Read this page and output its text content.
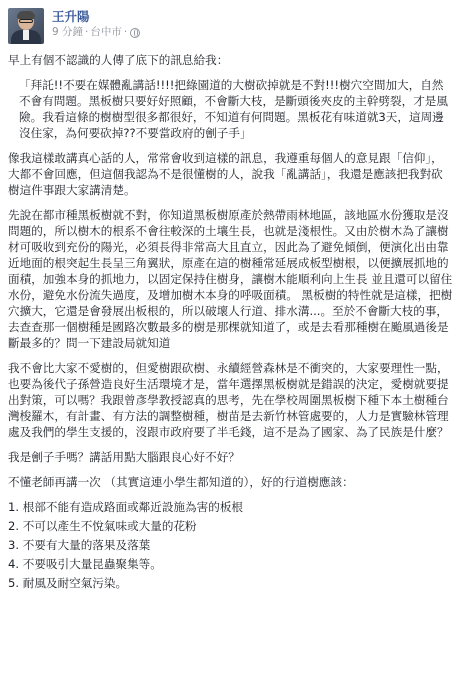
王升陽
9 分鐘 · 台中市 ·

早上有個不認識的人傳了底下的訊息給我：

「拜託!!不要在媒體亂講話!!!!把綠園道的大樹砍掉就是不對!!!樹穴空間加大，自然不會有問題。黑板樹只要好好照顧，不會斷大枝，是斷頭後夾皮的主幹劈裂，才是風險。我看這條的樹樹型很多都很好，不知道有何問題。黑板花有味道就3天，這周邊沒住家，為何要砍掉??不要當政府的劊子手」

像我這樣敢講真心話的人，常常會收到這樣的訊息，我遵重每個人的意見跟「信仰」，大都不會回應，但這個我認為不是很懂樹的人，說我「亂講話」，我還是應該把我對砍樹這件事跟大家講清楚。

先說在都市種黑板樹就不對，你知道黑板樹原產於熱帶雨林地區，該地區水份獲取是沒問題的，所以樹木的根系不會往較深的土壤生長，也就是淺根性。又由於樹木為了讓樹材可吸收到充份的陽光，必須長得非常高大且直立，因此為了避免傾倒，便演化出由靠近地面的根突起生長呈三角翼狀，原產在這的樹種常延展成板型樹根，以便擴展抓地的面積，加強本身的抓地力，以固定保持住樹身，讓樹木能順利向上生長 並且還可以留住水份，避免水份流失過度，及增加樹木本身的呼吸面積。 黑板樹的特性就是這樣，把樹穴擴大，它還是會發展出板根的，所以破壞人行道、排水溝...。至於不會斷大枝的事，去查查那一個樹種是國路次數最多的樹是那棵就知道了，或是去看那種樹在颱風過後是斷最多的？問一下建設局就知道

我不會比大家不愛樹的，但愛樹跟砍樹、永續經營森林是不衝突的，大家要理性一點，也要為後代子孫營造良好生活環境才是，當年選擇黑板樹就是錯誤的決定，愛樹就要提出對策，可以嗎？我跟曾彥學教授認真的思考，先在學校周圍黑板樹下種下本土樹種台灣梭羅木，有計畫、有方法的調整樹種，樹苗是去新竹林管處要的，人力是實驗林管理處及我們的學生支援的，沒跟市政府要了半毛錢，這不是為了國家、為了民族是什麼？

我是劊子手嗎？講話用點大腦跟良心好不好？

不懂老師再講一次 （其實這連小學生都知道的），好的行道樹應該：

1. 根部不能有造成路面或鄰近設施為害的板根

2. 不可以產生不悅氣味或大量的花粉

3. 不要有大量的落果及落葉

4. 不要吸引大量昆蟲聚集等。

5. 耐風及耐空氣污染。
